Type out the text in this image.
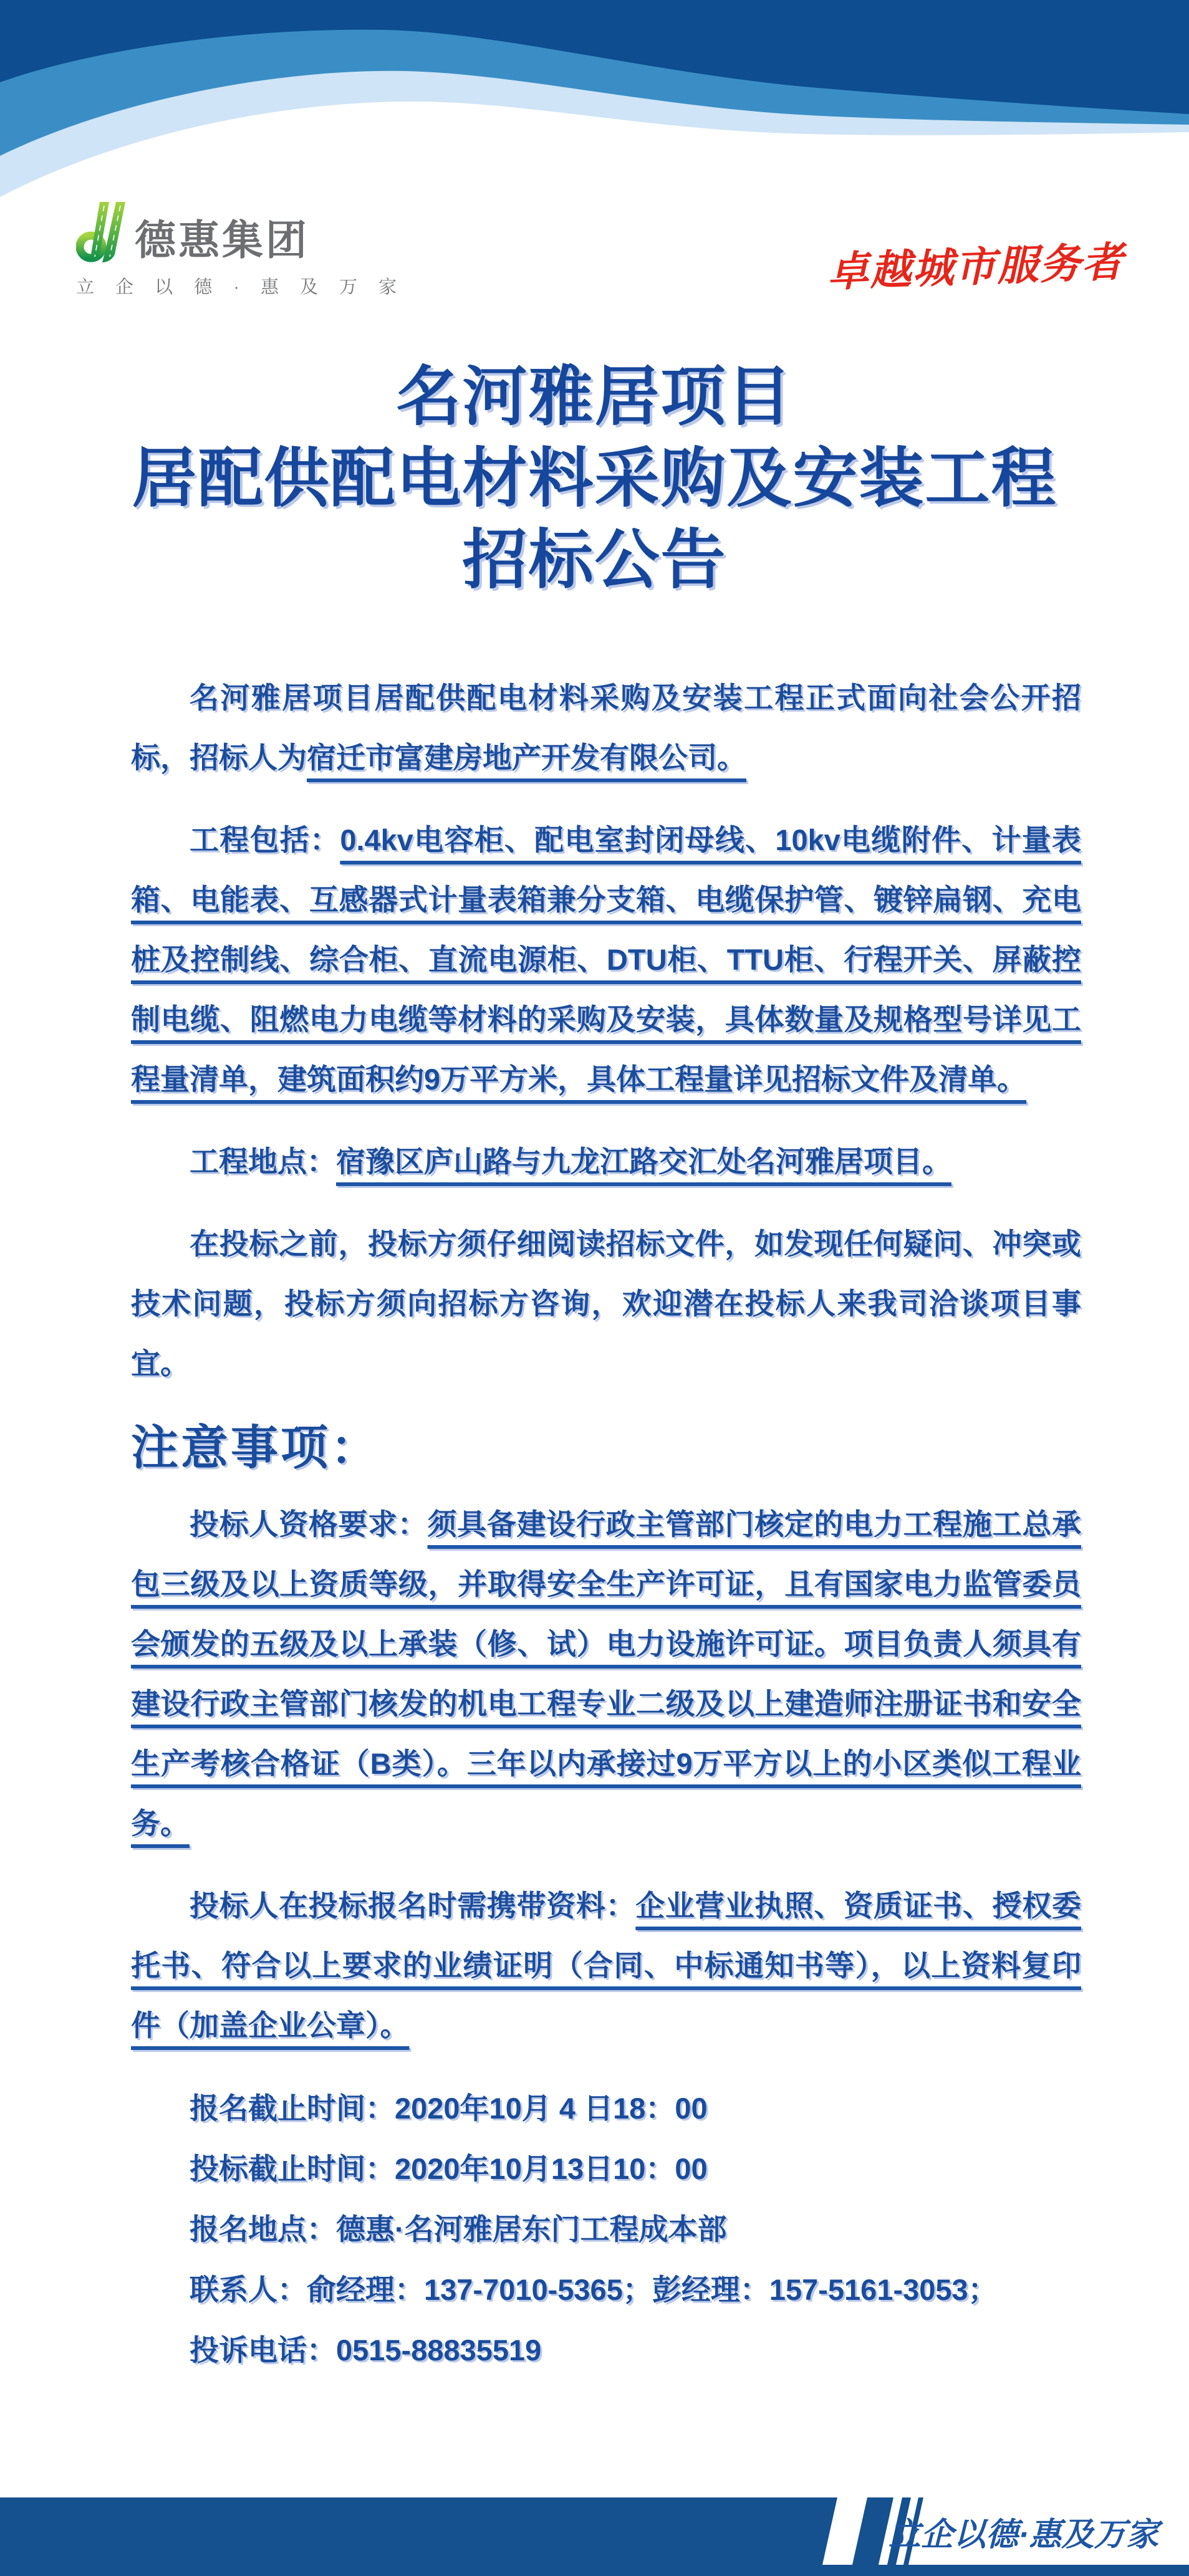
德惠集团
立 企 以 德 · 惠 及 万 家	卓越城市服务者
名河雅居项目
居配供配电材料采购及安装工程
招标公告

名河雅居项目居配供配电材料采购及安装工程正式面向社会公开招标，招标人为宿迁市富建房地产开发有限公司。

工程包括：0.4kv电容柜、配电室封闭母线、10kv电缆附件、计量表箱、电能表、互感器式计量表箱兼分支箱、电缆保护管、镀锌扁钢、充电桩及控制线、综合柜、直流电源柜、DTU柜、TTU柜、行程开关、屏蔽控制电缆、阻燃电力电缆等材料的采购及安装，具体数量及规格型号详见工程量清单，建筑面积约9万平方米，具体工程量详见招标文件及清单。

工程地点：宿豫区庐山路与九龙江路交汇处名河雅居项目。

在投标之前，投标方须仔细阅读招标文件，如发现任何疑问、冲突或技术问题，投标方须向招标方咨询，欢迎潜在投标人来我司洽谈项目事宜。

注意事项：

投标人资格要求：须具备建设行政主管部门核定的电力工程施工总承包三级及以上资质等级，并取得安全生产许可证，且有国家电力监管委员会颁发的五级及以上承装（修、试）电力设施许可证。项目负责人须具有建设行政主管部门核发的机电工程专业二级及以上建造师注册证书和安全生产考核合格证（B类）。三年以内承接过9万平方以上的小区类似工程业务。

投标人在投标报名时需携带资料：企业营业执照、资质证书、授权委托书、符合以上要求的业绩证明（合同、中标通知书等），以上资料复印件（加盖企业公章）。

报名截止时间：2020年10月 4 日18：00

投标截止时间：2020年10月13日10：00

报名地点：德惠·名河雅居东门工程成本部

联系人：俞经理：137-7010-5365；彭经理：157-5161-3053；

投诉电话：0515-88835519

立企以德·惠及万家
